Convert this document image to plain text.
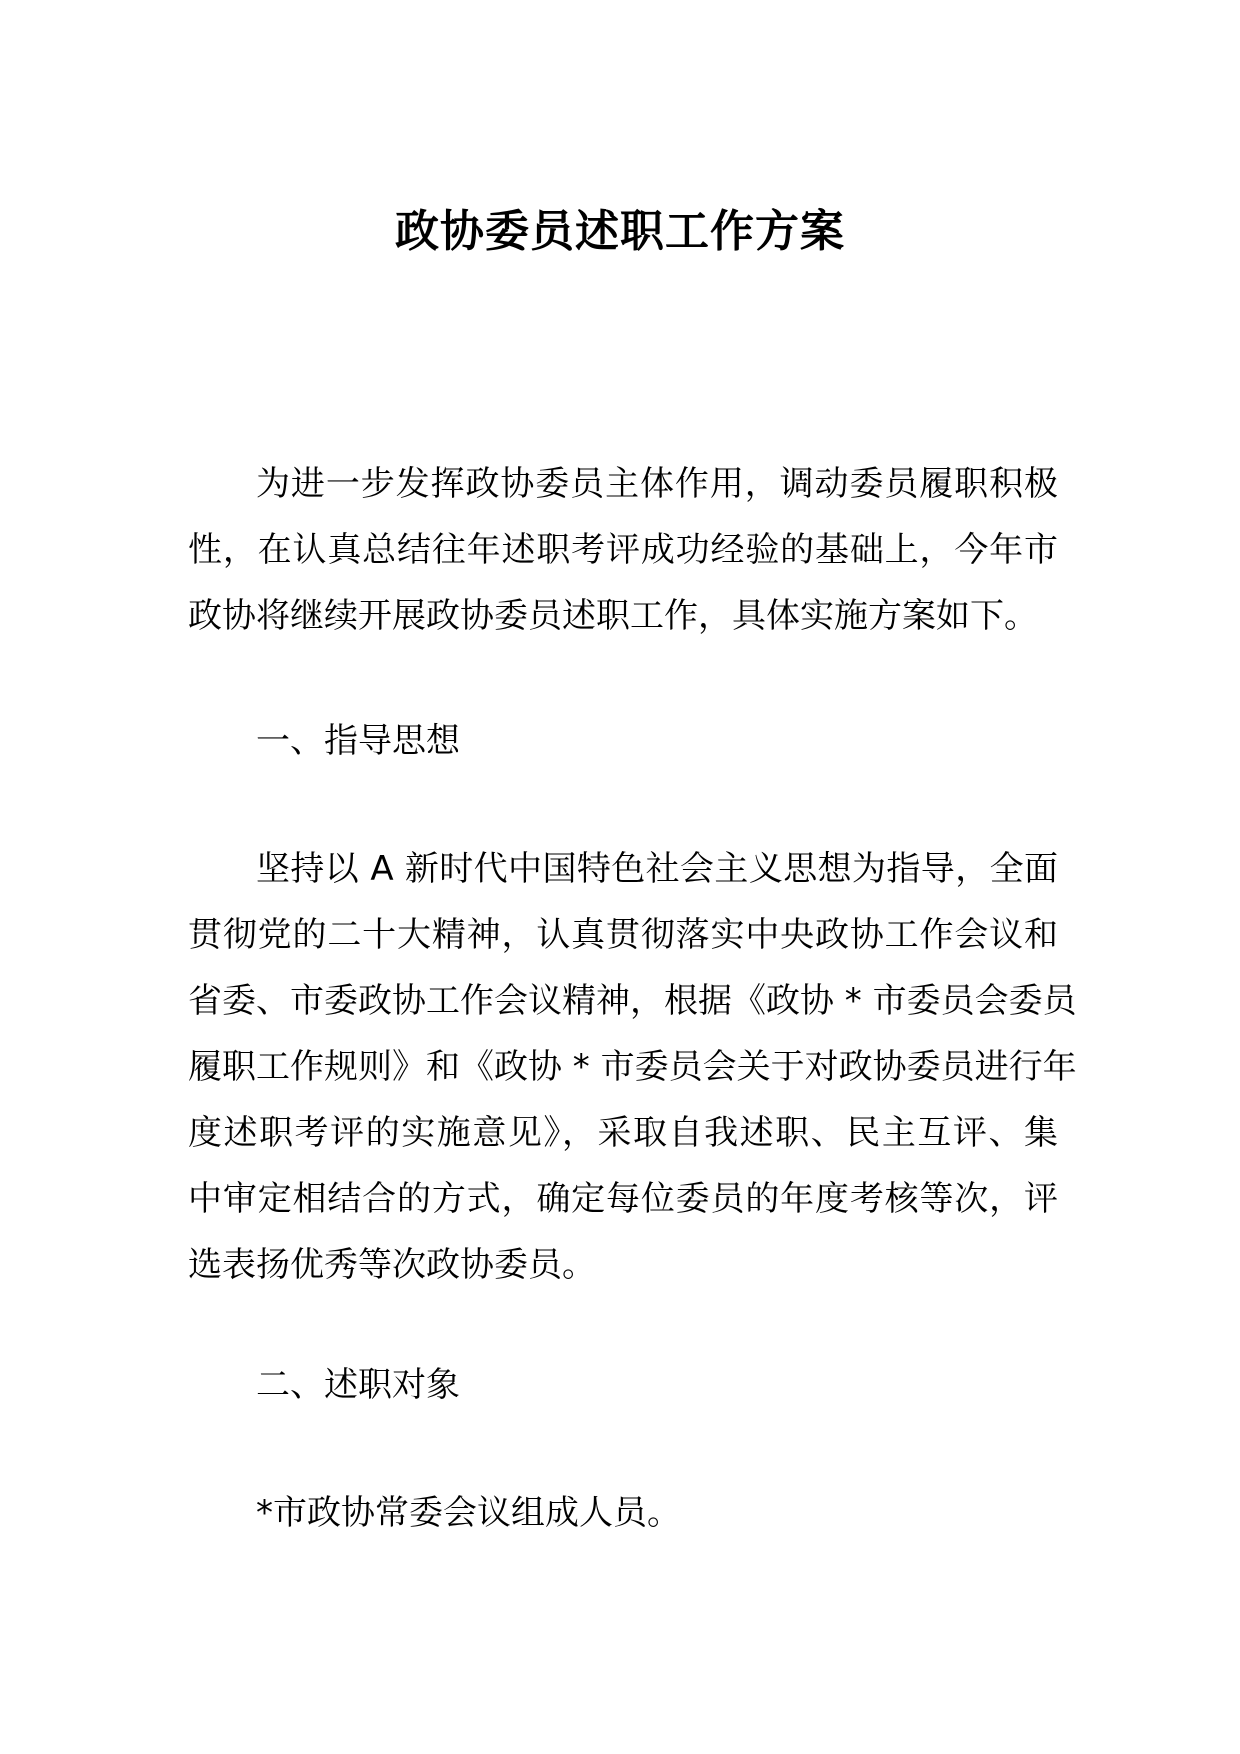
政协委员述职工作方案
为进一步发挥政协委员主体作用，调动委员履职积极
性，在认真总结往年述职考评成功经验的基础上，今年市
政协将继续开展政协委员述职工作，具体实施方案如下。
一、指导思想
坚持以 A 新时代中国特色社会主义思想为指导，全面
贯彻党的二十大精神，认真贯彻落实中央政协工作会议和
省委、市委政协工作会议精神，根据《政协 * 市委员会委员
履职工作规则》和《政协 * 市委员会关于对政协委员进行年
度述职考评的实施意见》，采取自我述职、民主互评、集
中审定相结合的方式，确定每位委员的年度考核等次，评
选表扬优秀等次政协委员。
二、述职对象
*市政协常委会议组成人员。
